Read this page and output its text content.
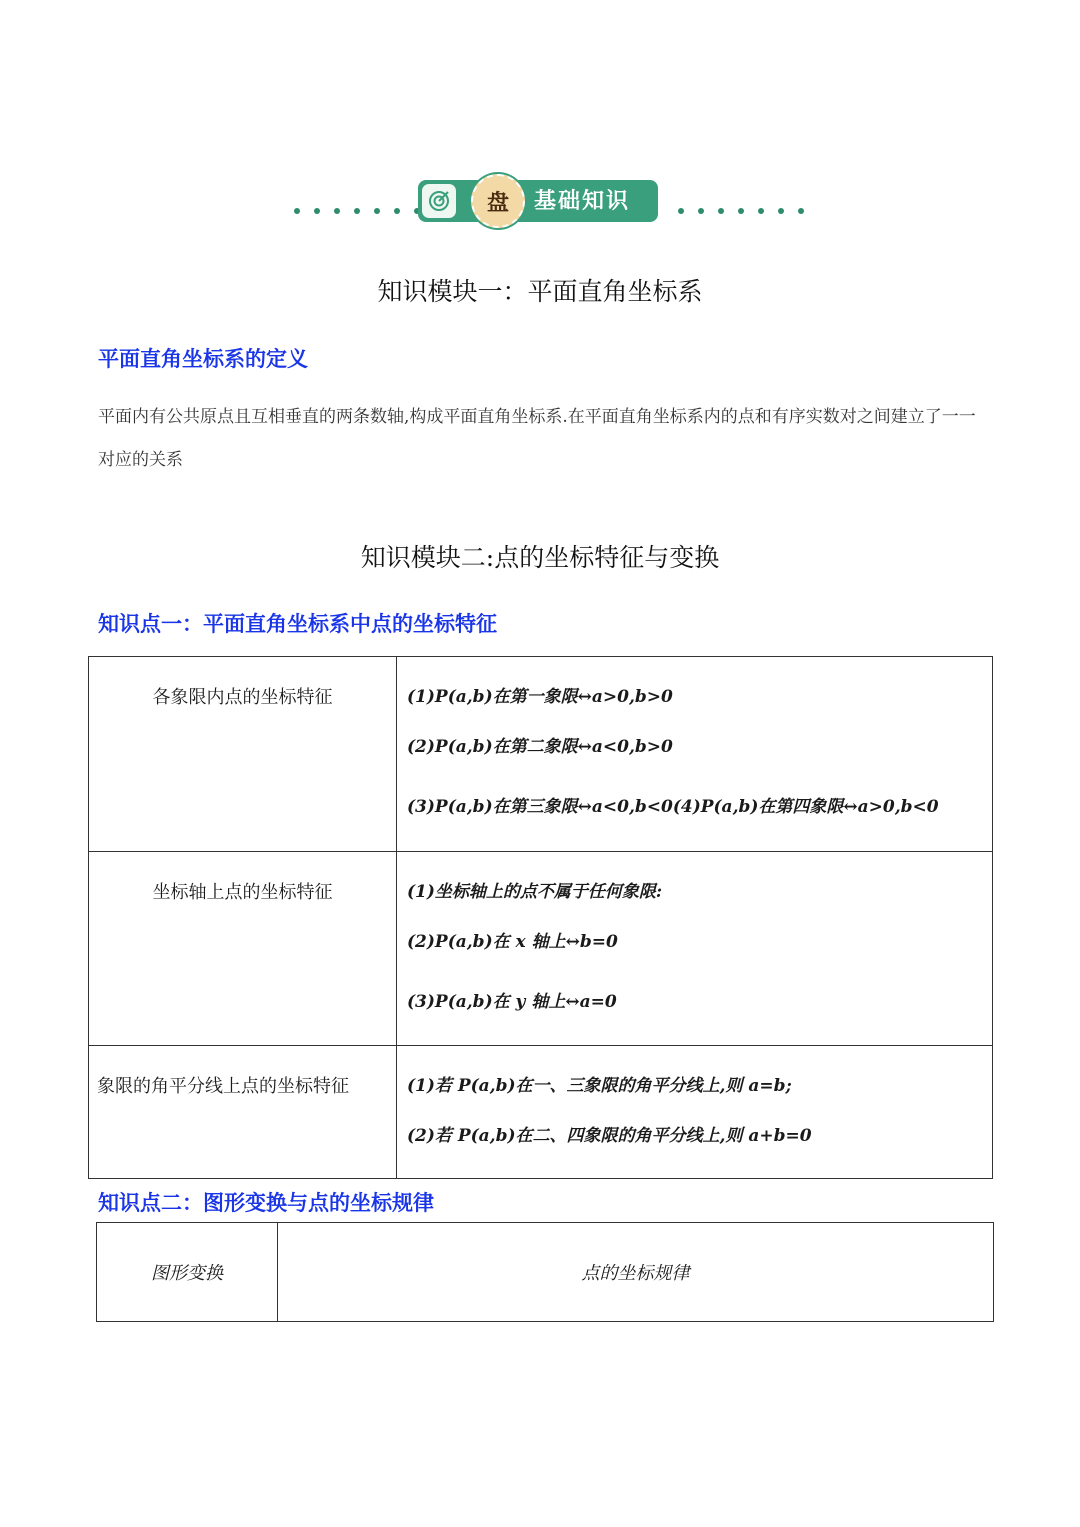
盘	基础知识
知识模块一：平面直角坐标系
平面直角坐标系的定义

平面内有公共原点且互相垂直的两条数轴,构成平面直角坐标系.在平面直角坐标系内的点和有序实数对之间建立了一一对应的关系

知识模块二:点的坐标特征与变换
知识点一：平面直角坐标系中点的坐标特征
各象限内点的坐标特征	(1)P(a,b)在第一象限↔a>0,b>0
(2)P(a,b)在第二象限↔a<0,b>0
(3)P(a,b)在第三象限↔a<0,b<0(4)P(a,b)在第四象限↔a>0,b<0

坐标轴上点的坐标特征	(1)坐标轴上的点不属于任何象限:
(2)P(a,b)在 x 轴上↔b=0
(3)P(a,b)在 y 轴上↔a=0

象限的角平分线上点的坐标特征	(1)若 P(a,b)在一、三象限的角平分线上,则 a=b;
(2)若 P(a,b)在二、四象限的角平分线上,则 a+b=0
知识点二：图形变换与点的坐标规律
图形变换	点的坐标规律
